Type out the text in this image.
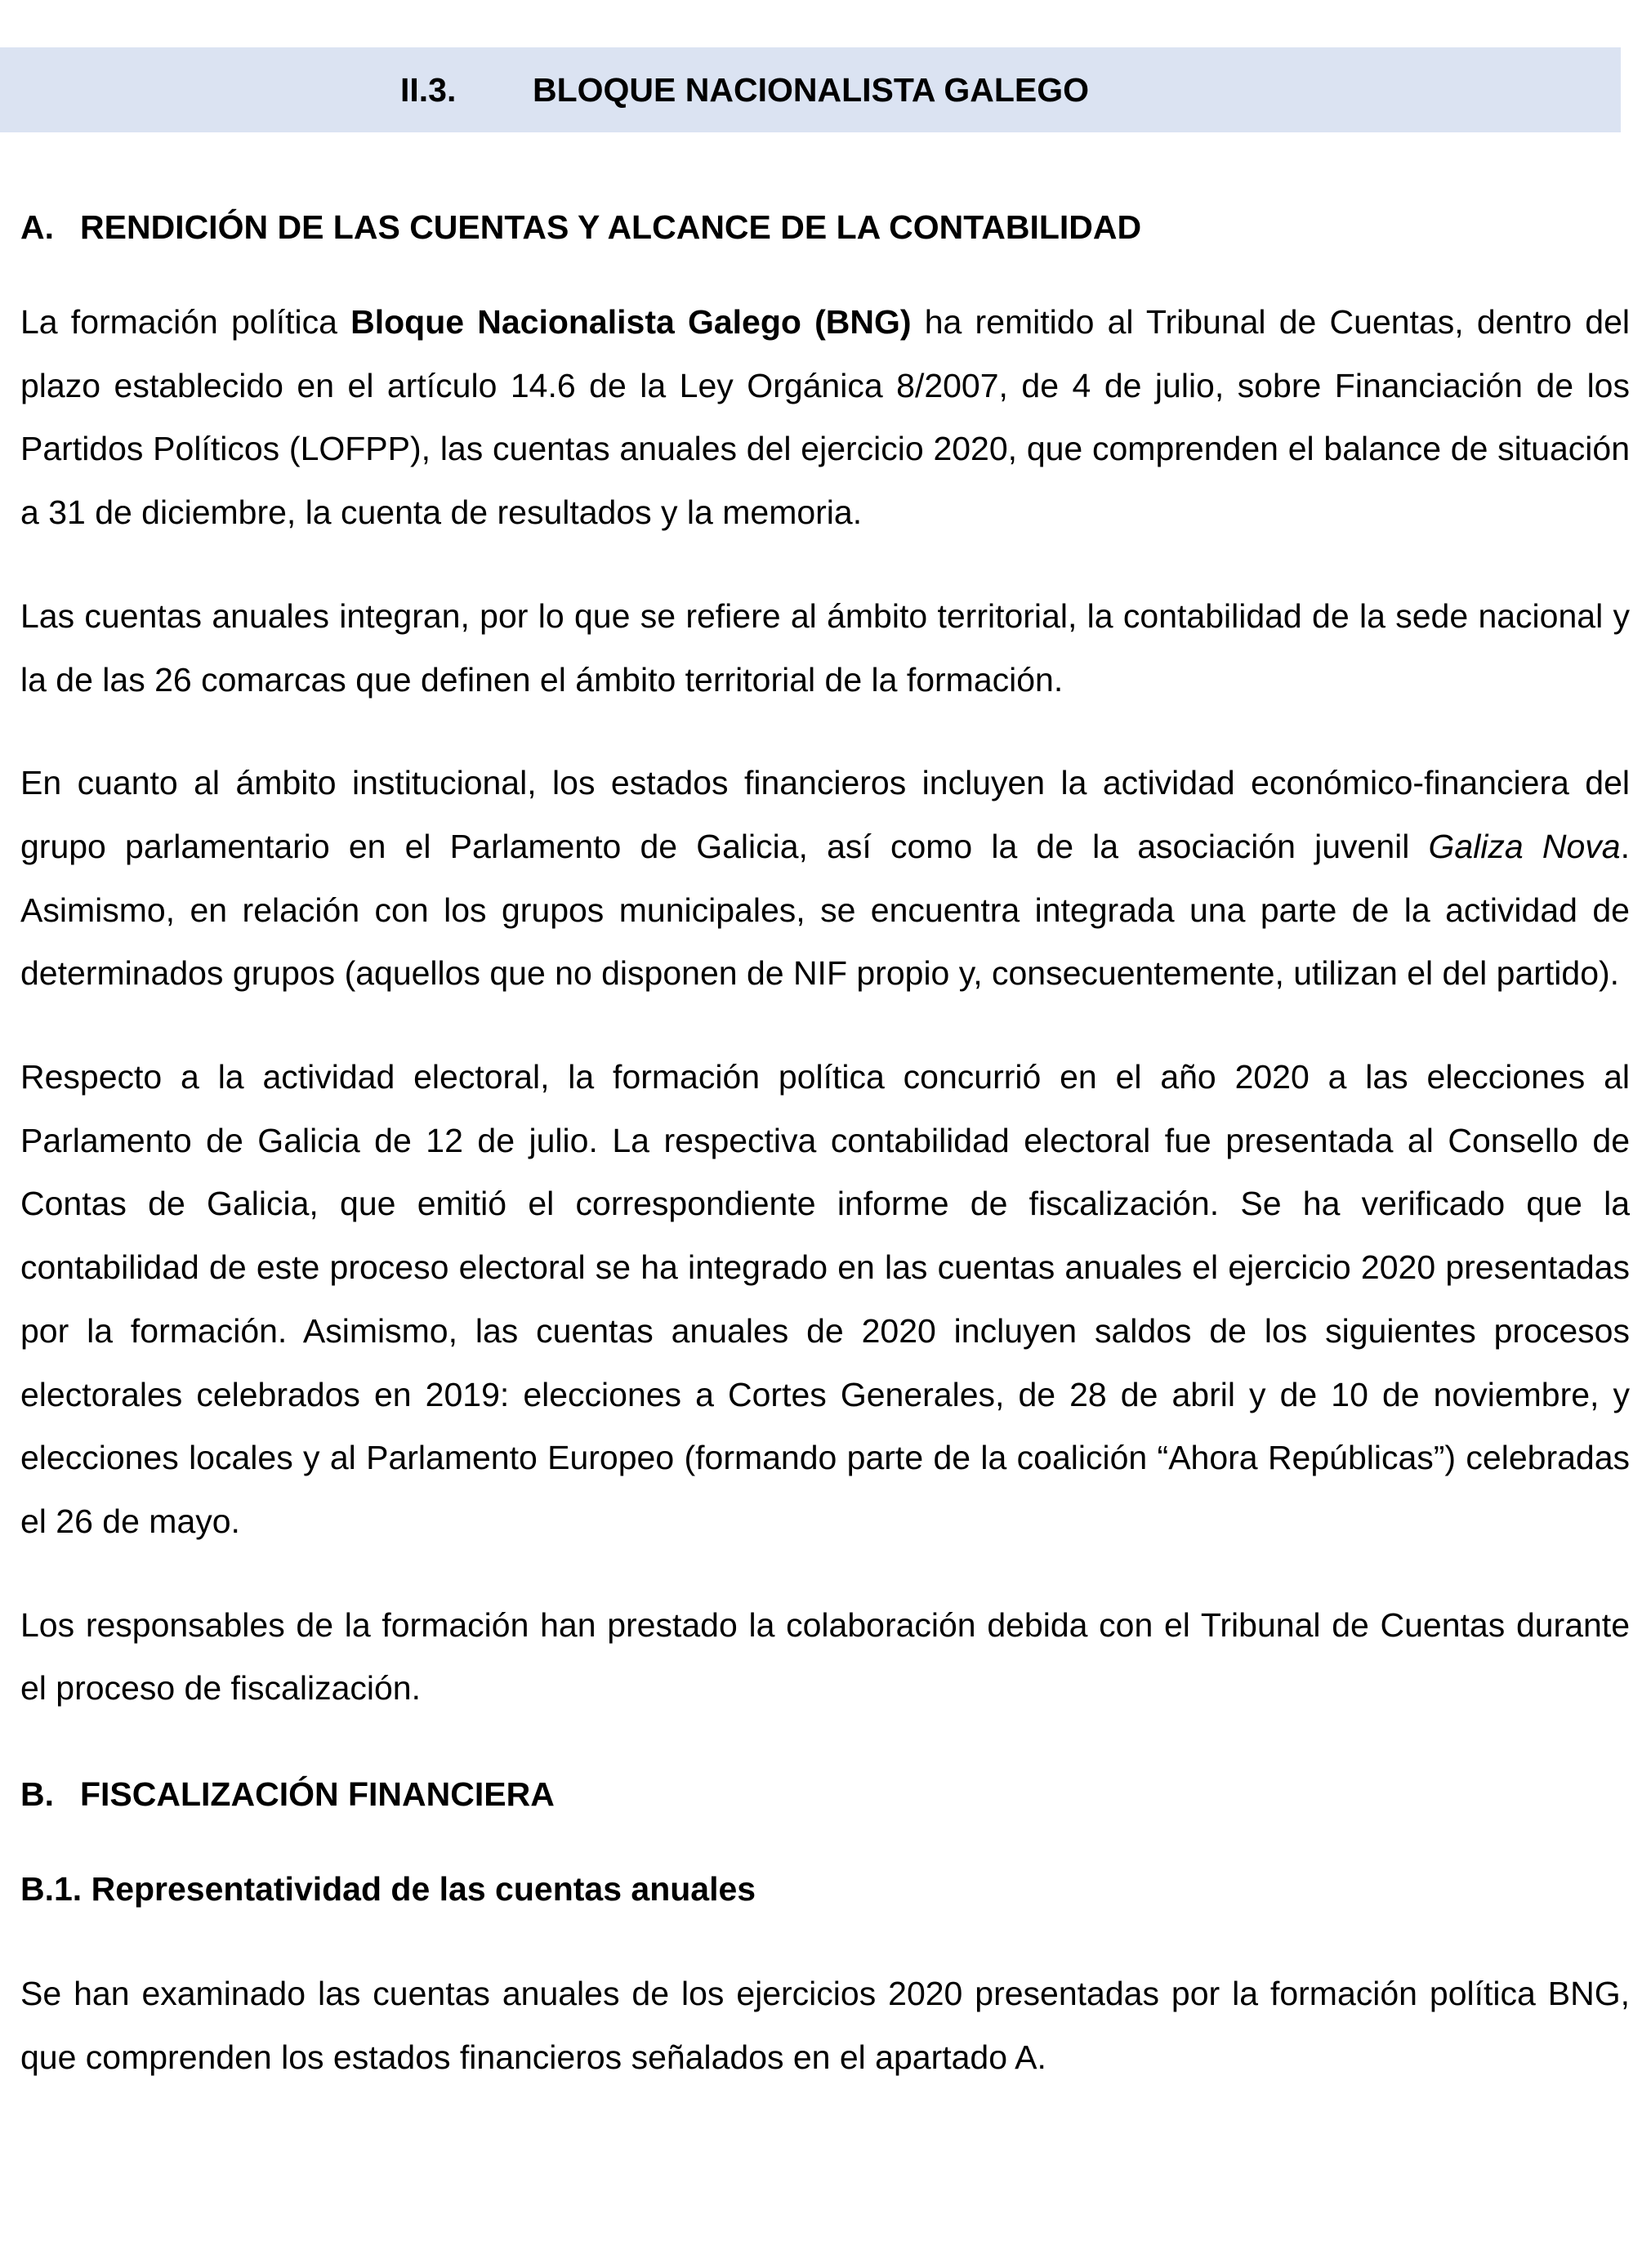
II.3. BLOQUE NACIONALISTA GALEGO
A. RENDICIÓN DE LAS CUENTAS Y ALCANCE DE LA CONTABILIDAD

La formación política Bloque Nacionalista Galego (BNG) ha remitido al Tribunal de Cuentas, dentro del plazo establecido en el artículo 14.6 de la Ley Orgánica 8/2007, de 4 de julio, sobre Financiación de los Partidos Políticos (LOFPP), las cuentas anuales del ejercicio 2020, que comprenden el balance de situación a 31 de diciembre, la cuenta de resultados y la memoria.

Las cuentas anuales integran, por lo que se refiere al ámbito territorial, la contabilidad de la sede nacional y la de las 26 comarcas que definen el ámbito territorial de la formación.

En cuanto al ámbito institucional, los estados financieros incluyen la actividad económico-financiera del grupo parlamentario en el Parlamento de Galicia, así como la de la asociación juvenil Galiza Nova. Asimismo, en relación con los grupos municipales, se encuentra integrada una parte de la actividad de determinados grupos (aquellos que no disponen de NIF propio y, consecuentemente, utilizan el del partido).

Respecto a la actividad electoral, la formación política concurrió en el año 2020 a las elecciones al Parlamento de Galicia de 12 de julio. La respectiva contabilidad electoral fue presentada al Consello de Contas de Galicia, que emitió el correspondiente informe de fiscalización. Se ha verificado que la contabilidad de este proceso electoral se ha integrado en las cuentas anuales el ejercicio 2020 presentadas por la formación. Asimismo, las cuentas anuales de 2020 incluyen saldos de los siguientes procesos electorales celebrados en 2019: elecciones a Cortes Generales, de 28 de abril y de 10 de noviembre, y elecciones locales y al Parlamento Europeo (formando parte de la coalición “Ahora Repúblicas”) celebradas el 26 de mayo.

Los responsables de la formación han prestado la colaboración debida con el Tribunal de Cuentas durante el proceso de fiscalización.

B. FISCALIZACIÓN FINANCIERA
B.1. Representatividad de las cuentas anuales

Se han examinado las cuentas anuales de los ejercicios 2020 presentadas por la formación política BNG, que comprenden los estados financieros señalados en el apartado A.
